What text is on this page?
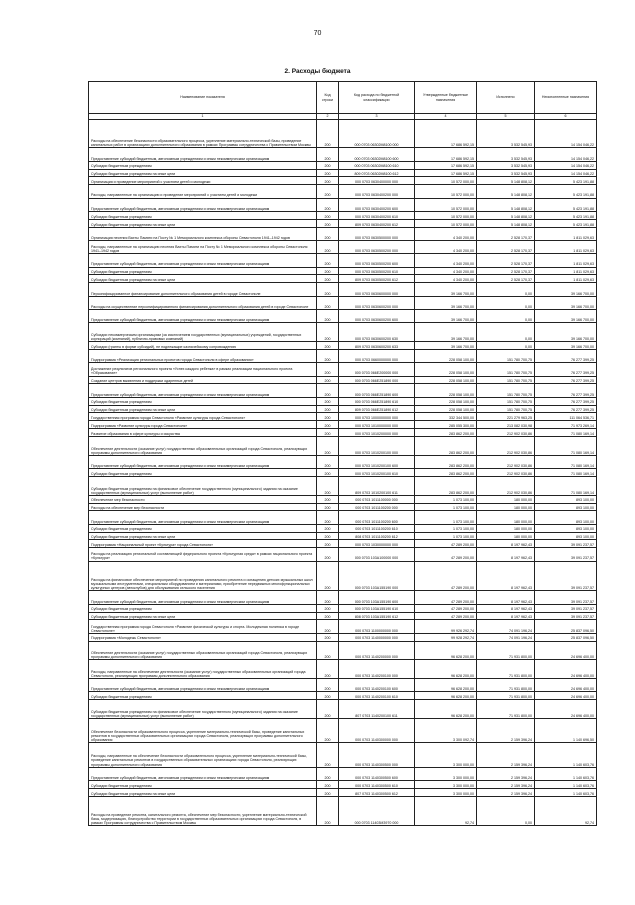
70
2. Расходы бюджета
Наименование показателя	Код строки	Код расхода по бюджетной классификации	Утвержденные бюджетные назначения	Исполнено	Неисполненные назначения
1	2	3	4	5	6
Расходы на обеспечение безопасности образовательного процесса, укрепление материально-технической базы, проведение капитальных работ в организациях дополнительного образования в рамках Программы сотрудничества с Правительством Москвы	200	000 0703 06302М8100 000	17 686 592,15	3 532 545,93	14 154 046,22
Предоставление субсидий бюджетным, автономным учреждениям и иным некоммерческим организациям	200	000 0703 06302М8100 600	17 686 592,15	3 532 545,93	14 154 046,22
Субсидии бюджетным учреждениям	200	000 0703 06302М8100 610	17 686 592,15	3 532 545,93	14 154 046,22
Субсидии бюджетным учреждениям на иные цели	200	809 0703 06302М8100 612	17 686 592,15	3 532 545,93	14 154 046,22
Организация и проведение мероприятий с участием детей и молодежи	200	000 0703 0630400000 000	10 572 000,00	5 148 808,12	5 423 191,88
Расходы, направленные на организацию и проведение мероприятий с участием детей и молодежи	200	000 0703 0630400200 000	10 572 000,00	5 148 808,12	5 423 191,88
Предоставление субсидий бюджетным, автономным учреждениям и иным некоммерческим организациям	200	000 0703 0630400200 600	10 572 000,00	5 148 808,12	5 423 191,88
Субсидии бюджетным учреждениям	200	000 0703 0630400200 610	10 572 000,00	5 148 808,12	5 423 191,88
Субсидии бюджетным учреждениям на иные цели	200	809 0703 0630400200 612	10 572 000,00	5 148 808,12	5 423 191,88
Организация несения Вахты Памяти на Посту № 1 Мемориального комплекса обороны Севастополя 1941–1942 годов	200	000 0703 0630500000 000	4 340 200,00	2 528 170,37	1 811 029,63
Расходы, направленные на организацию несения Вахты Памяти на Посту № 1 Мемориального комплекса обороны Севастополя 1941–1942 годов	200	000 0703 0630500200 000	4 340 200,00	2 528 170,37	1 811 029,63
Предоставление субсидий бюджетным, автономным учреждениям и иным некоммерческим организациям	200	000 0703 0630500200 600	4 340 200,00	2 528 170,37	1 811 029,63
Субсидии бюджетным учреждениям	200	000 0703 0630500200 610	4 340 200,00	2 528 170,37	1 811 029,63
Субсидии бюджетным учреждениям на иные цели	200	809 0703 0630500200 612	4 340 200,00	2 528 170,37	1 811 029,63
Персонифицированное финансирование дополнительного образования детей в городе Севастополе	200	000 0703 0630600000 000	39 166 700,00	0,00	39 166 700,00
Расходы на осуществление персонифицированного финансирования дополнительного образования детей в городе Севастополе	200	000 0703 0630600200 000	39 166 700,00	0,00	39 166 700,00
Предоставление субсидий бюджетным, автономным учреждениям и иным некоммерческим организациям	200	000 0703 0630600200 600	39 166 700,00	0,00	39 166 700,00
Субсидии некоммерческим организациям (за исключением государственных (муниципальных) учреждений, государственных корпораций (компаний), публично-правовых компаний)	200	000 0703 0630600200 630	39 166 700,00	0,00	39 166 700,00
Субсидии (гранты в форме субсидий), не подлежащие казначейскому сопровождению	200	809 0703 0630600200 633	39 166 700,00	0,00	39 166 700,00
Подпрограмма «Реализация региональных проектов города Севастополя в сфере образования»	200	000 0703 0660000000 000	228 058 100,00	151 780 700,75	76 277 399,25
Достижение результатов регионального проекта «Успех каждого ребенка» в рамках реализации национального проекта «Образование»	200	000 0703 066E200000 000	228 058 100,00	151 780 700,75	76 277 399,25
Создание центров выявления и поддержки одаренных детей	200	000 0703 066E251890 000	228 058 100,00	151 780 700,75	76 277 399,25
Предоставление субсидий бюджетным, автономным учреждениям и иным некоммерческим организациям	200	000 0703 066E251890 600	228 058 100,00	151 780 700,75	76 277 399,25
Субсидии бюджетным учреждениям	200	000 0703 066E251890 610	228 058 100,00	151 780 700,75	76 277 399,25
Субсидии бюджетным учреждениям на иные цели	200	809 0703 066E251890 612	228 058 100,00	151 780 700,75	76 277 399,25
Государственная программа города Севастополя «Развитие культуры города Севастополя»	200	000 0703 1000000000 000	332 344 500,00	221 279 963,25	111 064 536,71
Подпрограмма «Развитие культуры города Севастополя»	200	000 0703 1010000000 000	285 055 300,00	213 082 030,98	71 973 269,14
Развитие образования в сфере культуры и искусства	200	000 0703 1010200000 000	283 862 200,00	212 902 030,86	71 080 169,14
Обеспечение деятельности (оказание услуг) государственных образовательных организаций города Севастополя, реализующих программы дополнительного образования	200	000 0703 1010200100 000	283 862 200,00	212 902 030,86	71 080 169,14
Предоставление субсидий бюджетным, автономным учреждениям и иным некоммерческим организациям	200	000 0703 1010200100 600	283 862 200,00	212 902 030,86	71 080 169,14
Субсидии бюджетным учреждениям	200	000 0703 1010200100 610	283 862 200,00	212 902 030,86	71 080 169,14
Субсидии бюджетным учреждениям на финансовое обеспечение государственного (муниципального) задания на оказание государственных (муниципальных) услуг (выполнение работ)	200	809 0703 1010200100 611	283 862 200,00	212 902 030,86	71 080 169,14
Обеспечение мер безопасности	200	000 0703 1011100000 000	1 073 100,00	180 000,00	893 100,00
Расходы на обеспечение мер безопасности	200	000 0703 1011100200 000	1 073 100,00	180 000,00	893 100,00
Предоставление субсидий бюджетным, автономным учреждениям и иным некоммерческим организациям	200	000 0703 1011100200 600	1 073 100,00	180 000,00	893 100,00
Субсидии бюджетным учреждениям	200	000 0703 1011100200 610	1 073 100,00	180 000,00	893 100,00
Субсидии бюджетным учреждениям на иные цели	200	808 0703 1011100200 612	1 073 100,00	180 000,00	893 100,00
Подпрограмма «Национальный проект «Культура» города Севастополя»	200	000 0703 1030000000 000	47 289 200,00	8 197 962,43	39 091 237,57
Расходы на реализацию региональной составляющей федерального проекта «Культурная среда» в рамках национального проекта «Культура»	200	000 0703 103A100000 000	47 289 200,00	8 197 962,43	39 091 237,57
Расходы на финансовое обеспечение мероприятий по проведению капитального ремонта и оснащению детских музыкальных школ музыкальными инструментами, специальным оборудованием и материалами, приобретение передвижных многофункциональных культурных центров (автоклубов) для обслуживания сельского населения	200	000 0703 103A155190 000	47 289 200,00	8 197 962,43	39 091 237,57
Предоставление субсидий бюджетным, автономным учреждениям и иным некоммерческим организациям	200	000 0703 103A155190 600	47 289 200,00	8 197 962,43	39 091 237,57
Субсидии бюджетным учреждениям	200	000 0703 103A155190 610	47 289 200,00	8 197 962,43	39 091 237,57
Субсидии бюджетным учреждениям на иные цели	200	808 0703 103A155190 612	47 289 200,00	8 197 962,43	39 091 237,57
Государственная программа города Севастополя «Развитие физической культуры и спорта. Молодежная политика в городе Севастополе»	200	000 0703 1100000000 000	99 926 292,74	74 091 196,24	25 837 096,50
Подпрограмма «Молодежь Севастополя»	200	000 0703 1140000000 000	99 928 292,74	74 091 196,24	25 837 096,50
Обеспечение деятельности (оказание услуг) государственных образовательных организаций города Севастополя, реализующих программы дополнительного образования	200	000 0703 1140200000 000	96 628 200,00	71 931 800,00	24 696 400,00
Расходы, направленные на обеспечение деятельности (оказание услуг) государственных образовательных организаций города Севастополя, реализующих программы дополнительного образования	200	000 0703 1140200100 000	96 628 200,00	71 931 800,00	24 696 400,00
Предоставление субсидий бюджетным, автономным учреждениям и иным некоммерческим организациям	200	000 0703 1140200100 600	96 628 200,00	71 931 800,00	24 696 400,00
Субсидии бюджетным учреждениям	200	000 0703 1140200100 610	96 628 200,00	71 931 800,00	24 696 400,00
Субсидии бюджетным учреждениям на финансовое обеспечение государственного (муниципального) задания на оказание государственных (муниципальных) услуг (выполнение работ)	200	807 0703 1140200100 611	96 628 200,00	71 931 800,00	24 696 400,00
Обеспечение безопасности образовательного процесса, укрепление материально-технической базы, проведение капитальных ремонтов в государственных образовательных организациях города Севастополя, реализующих программы дополнительного образования	200	000 0703 1140300000 000	3 300 092,74	2 159 396,24	1 140 696,50
Расходы, направленные на обеспечение безопасности образовательного процесса, укрепление материально-технической базы, проведение капитальных ремонтов в государственных образовательных организациях города Севастополя, реализующих программы дополнительного образования	200	000 0703 1140300500 000	3 300 000,00	2 159 396,24	1 140 603,76
Предоставление субсидий бюджетным, автономным учреждениям и иным некоммерческим организациям	200	000 0703 1140300500 600	3 300 000,00	2 159 396,24	1 140 603,76
Субсидии бюджетным учреждениям	200	000 0703 1140300500 610	3 300 000,00	2 159 396,24	1 140 603,76
Субсидии бюджетным учреждениям на иные цели	200	807 0703 1140300500 612	3 300 000,00	2 159 396,24	1 140 603,76
Расходы на проведение ремонта, капитального ремонта, обеспечение мер безопасности, укрепление материально-технической базы, модернизацию, благоустройство территории в государственных образовательных организациях города Севастополя, в рамках Программы сотрудничества с Правительством Москвы	200	000 0703 11403М3970 000	92,74	0,00	92,74
